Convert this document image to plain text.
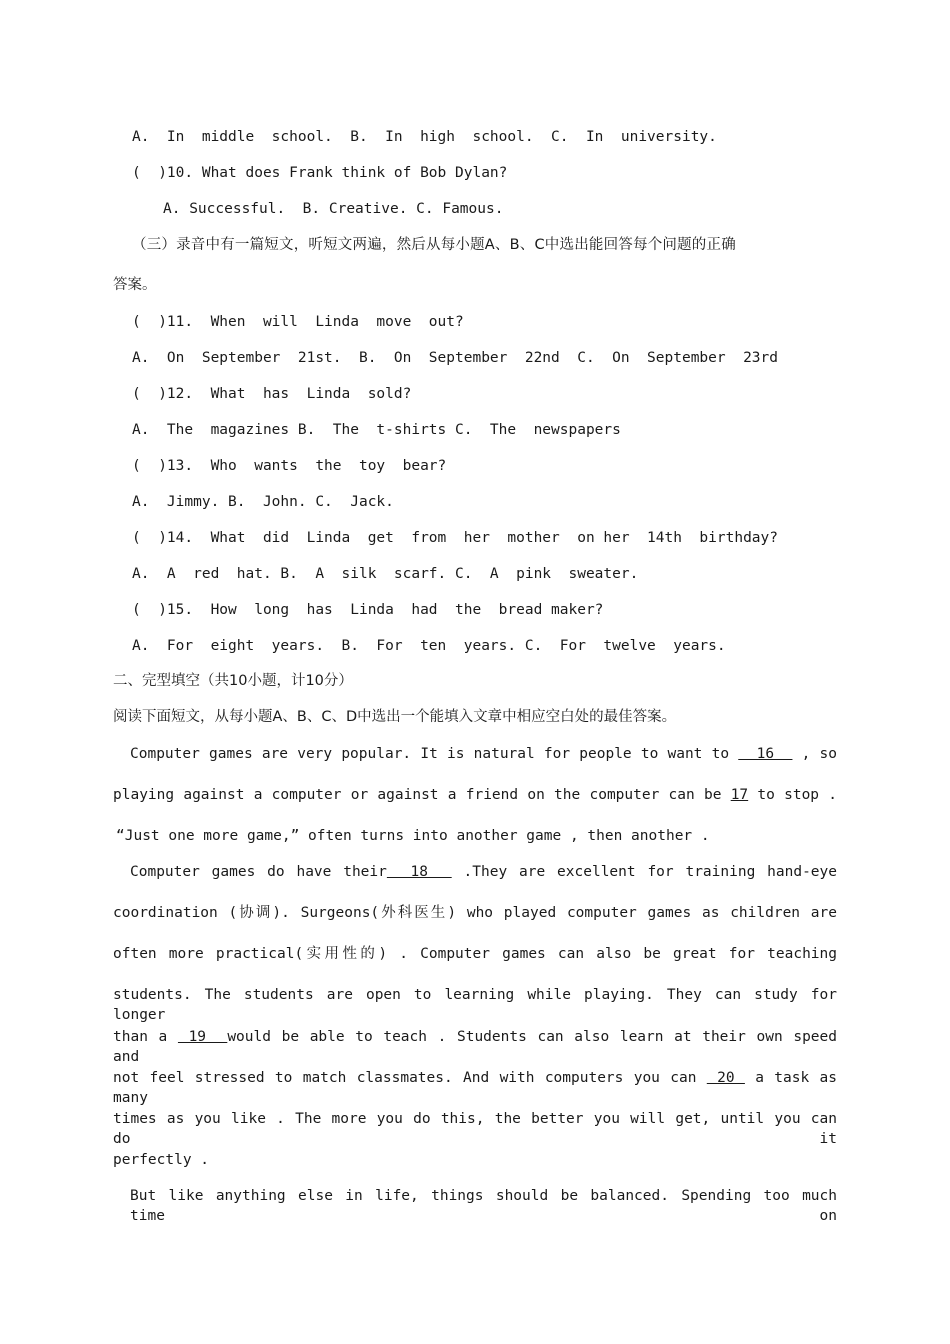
A.  In  middle  school.  B.  In  high  school.  C.  In  university.
(  )10. What does Frank think of Bob Dylan?
A. Successful.  B. Creative. C. Famous.
（三）录音中有一篇短文，听短文两遍，然后从每小题A、B、C中选出能回答每个问题的正确
答案。
(  )11.  When  will  Linda  move  out?
A.  On  September  21st.  B.  On  September  22nd  C.  On  September  23rd
(  )12.  What  has  Linda  sold?
A.  The  magazines B.  The  t-shirts C.  The  newspapers
(  )13.  Who  wants  the  toy  bear?
A.  Jimmy. B.  John. C.  Jack.
(  )14.  What  did  Linda  get  from  her  mother  on her  14th  birthday?
A.  A  red  hat. B.  A  silk  scarf. C.  A  pink  sweater.
(  )15.  How  long  has  Linda  had  the  bread maker?
A.  For  eight  years.  B.  For  ten  years. C.  For  twelve  years.
二、完型填空（共10小题，计10分）
阅读下面短文，从每小题A、B、C、D中选出一个能填入文章中相应空白处的最佳答案。
Computer games are very popular. It is natural for people to want to   16   , so
playing against a computer or against a friend on the computer can be 17 to stop .
“Just one more game,” often turns into another game , then another .
Computer games do have their  18   .They are excellent for training hand-eye
coordination (协调). Surgeons(外科医生) who played computer games as children are
often more practical(实用性的) . Computer games can also be great for teaching
students. The students are open to learning while playing. They can study for longer
than a  19  would be able to teach . Students can also learn at their own speed and
not feel stressed to match classmates. And with computers you can  20  a task as many
times as you like . The more you do this, the better you will get, until you can do it
perfectly .
But like anything else in life, things should be balanced. Spending too much time on
